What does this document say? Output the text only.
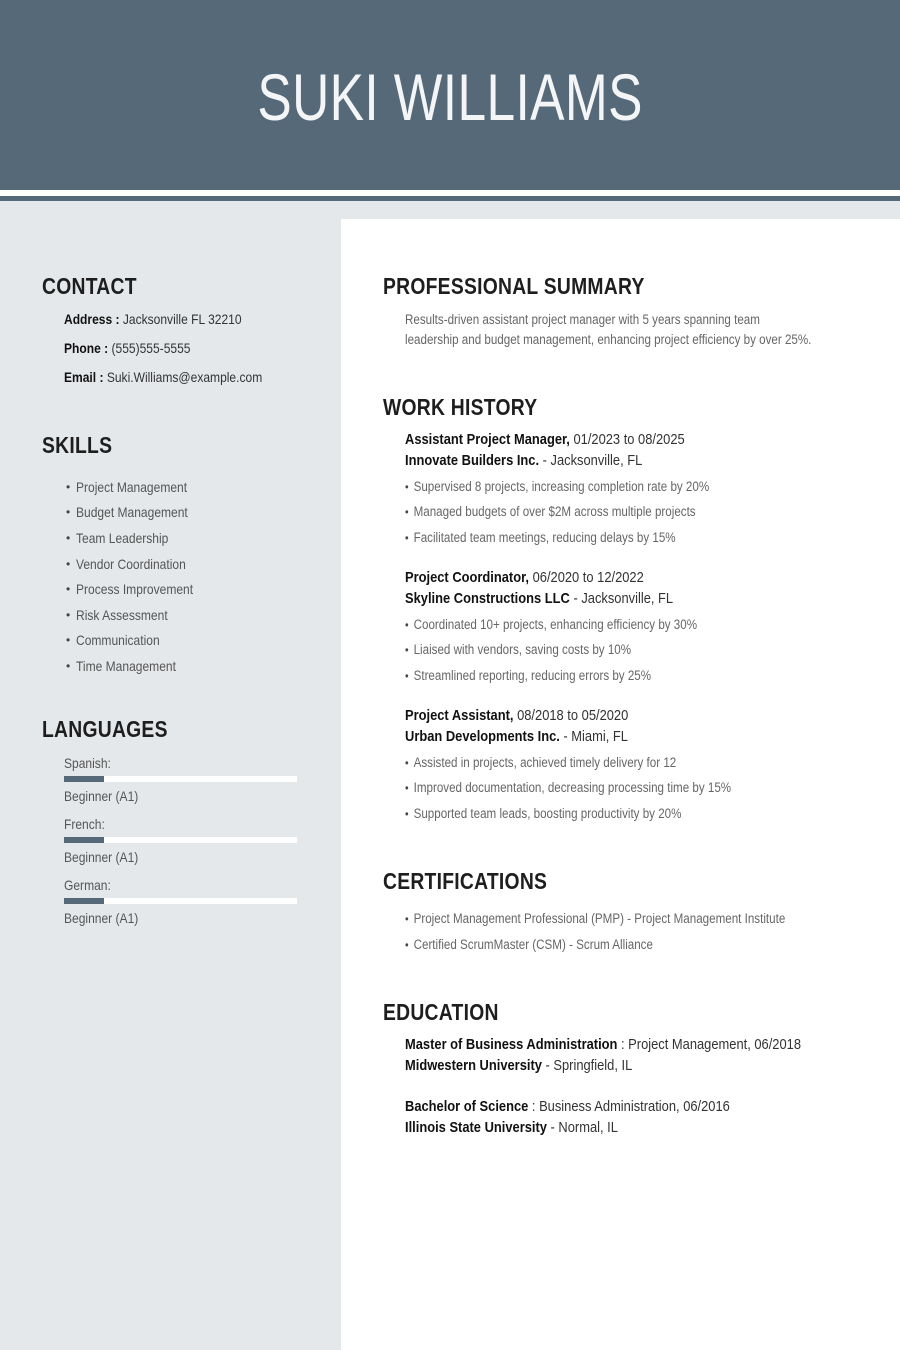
SUKI WILLIAMS
CONTACT
Address : Jacksonville FL 32210
Phone : (555)555-5555
Email : Suki.Williams@example.com
SKILLS
• Project Management
• Budget Management
• Team Leadership
• Vendor Coordination
• Process Improvement
• Risk Assessment
• Communication
• Time Management
LANGUAGES
Spanish:
Beginner (A1)
French:
Beginner (A1)
German:
Beginner (A1)
PROFESSIONAL SUMMARY
Results-driven assistant project manager with 5 years spanning team
leadership and budget management, enhancing project efficiency by over 25%.
WORK HISTORY
Assistant Project Manager, 01/2023 to 08/2025
Innovate Builders Inc. - Jacksonville, FL
• Supervised 8 projects, increasing completion rate by 20%
• Managed budgets of over $2M across multiple projects
• Facilitated team meetings, reducing delays by 15%
Project Coordinator, 06/2020 to 12/2022
Skyline Constructions LLC - Jacksonville, FL
• Coordinated 10+ projects, enhancing efficiency by 30%
• Liaised with vendors, saving costs by 10%
• Streamlined reporting, reducing errors by 25%
Project Assistant, 08/2018 to 05/2020
Urban Developments Inc. - Miami, FL
• Assisted in projects, achieved timely delivery for 12
• Improved documentation, decreasing processing time by 15%
• Supported team leads, boosting productivity by 20%
CERTIFICATIONS
• Project Management Professional (PMP) - Project Management Institute
• Certified ScrumMaster (CSM) - Scrum Alliance
EDUCATION
Master of Business Administration : Project Management, 06/2018
Midwestern University - Springfield, IL
Bachelor of Science : Business Administration, 06/2016
Illinois State University - Normal, IL
